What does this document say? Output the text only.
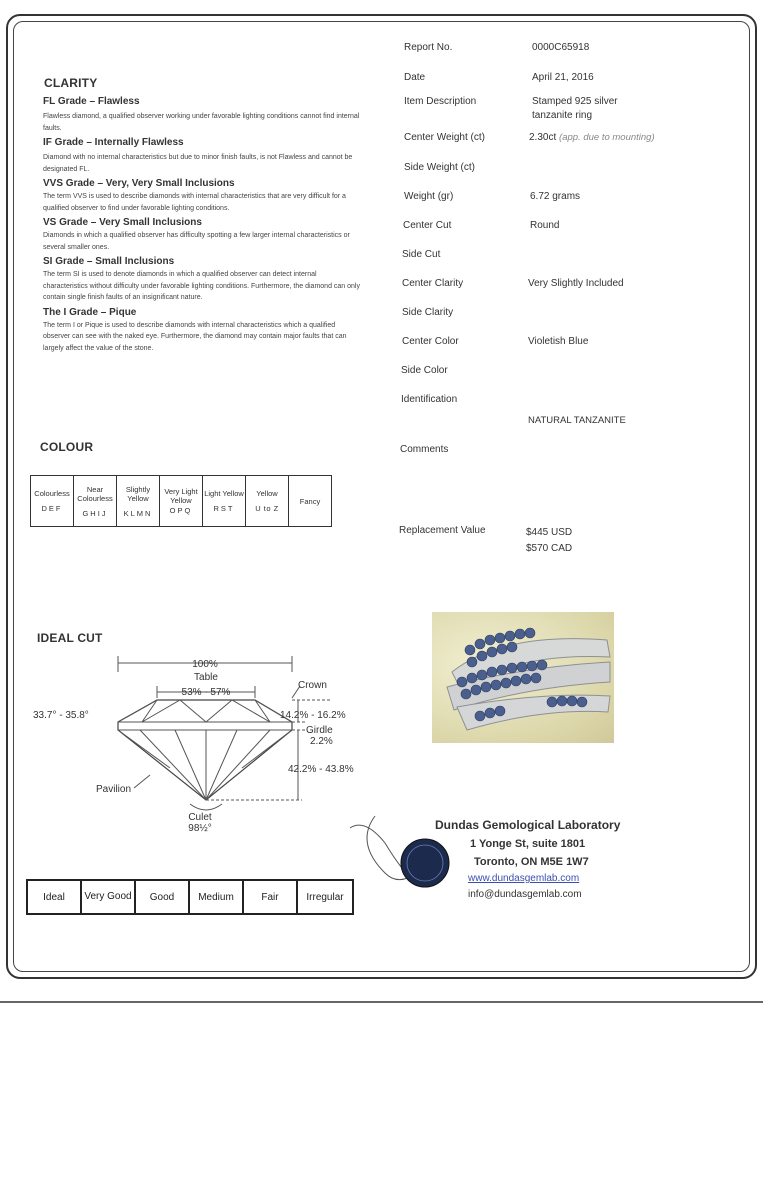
CLARITY
FL Grade – Flawless
Flawless diamond, a qualified observer working under favorable lighting conditions cannot find internal faults.
IF Grade – Internally Flawless
Diamond with no internal characteristics but due to minor finish faults, is not Flawless and cannot be designated FL.
VVS Grade – Very, Very Small Inclusions
The term VVS is used to describe diamonds with internal characteristics that are very difficult for a qualified observer to find under favorable lighting conditions.
VS Grade – Very Small Inclusions
Diamonds in which a qualified observer has difficulty spotting a few larger internal characteristics or several smaller ones.
SI Grade – Small Inclusions
The term SI is used to denote diamonds in which a qualified observer can detect internal characteristics without difficulty under favorable lighting conditions. Furthermore, the diamond can only contain single finish faults of an insignificant nature.
The I Grade – Pique
The term I or Pique is used to describe diamonds with internal characteristics which a qualified observer can see with the naked eye. Furthermore, the diamond may contain major faults that can largely affect the value of the stone.
COLOUR
Colourless
DEF
	Near Colourless
GHIJ
	Slightly Yellow
KLMN
	Very Light Yellow
OPQ
	Light Yellow
RST
	Yellow
U to Z
	Fancy
IDEAL CUT
100%
Table
53% - 57%
Crown
33.7° - 35.8°	14.2% - 16.2%
Girdle
2.2%
42.2% - 43.8%
Pavilion
Culet
98½°
Ideal	Very Good	Good	Medium	Fair	Irregular
Report No.	0000C65918
Date	April 21, 2016
Item Description	Stamped 925 silver
tanzanite ring
Center Weight (ct)	2.30ct (app. due to mounting)
Side Weight (ct)
Weight (gr)	6.72 grams
Center Cut	Round
Side Cut
Center Clarity	Very Slightly Included
Side Clarity
Center Color	Violetish Blue
Side Color
Identification
NATURAL TANZANITE
Comments
Replacement Value	$445 USD
$570 CAD
Dundas Gemological Laboratory
1 Yonge St, suite 1801
Toronto, ON M5E 1W7
www.dundasgemlab.com
info@dundasgemlab.com
